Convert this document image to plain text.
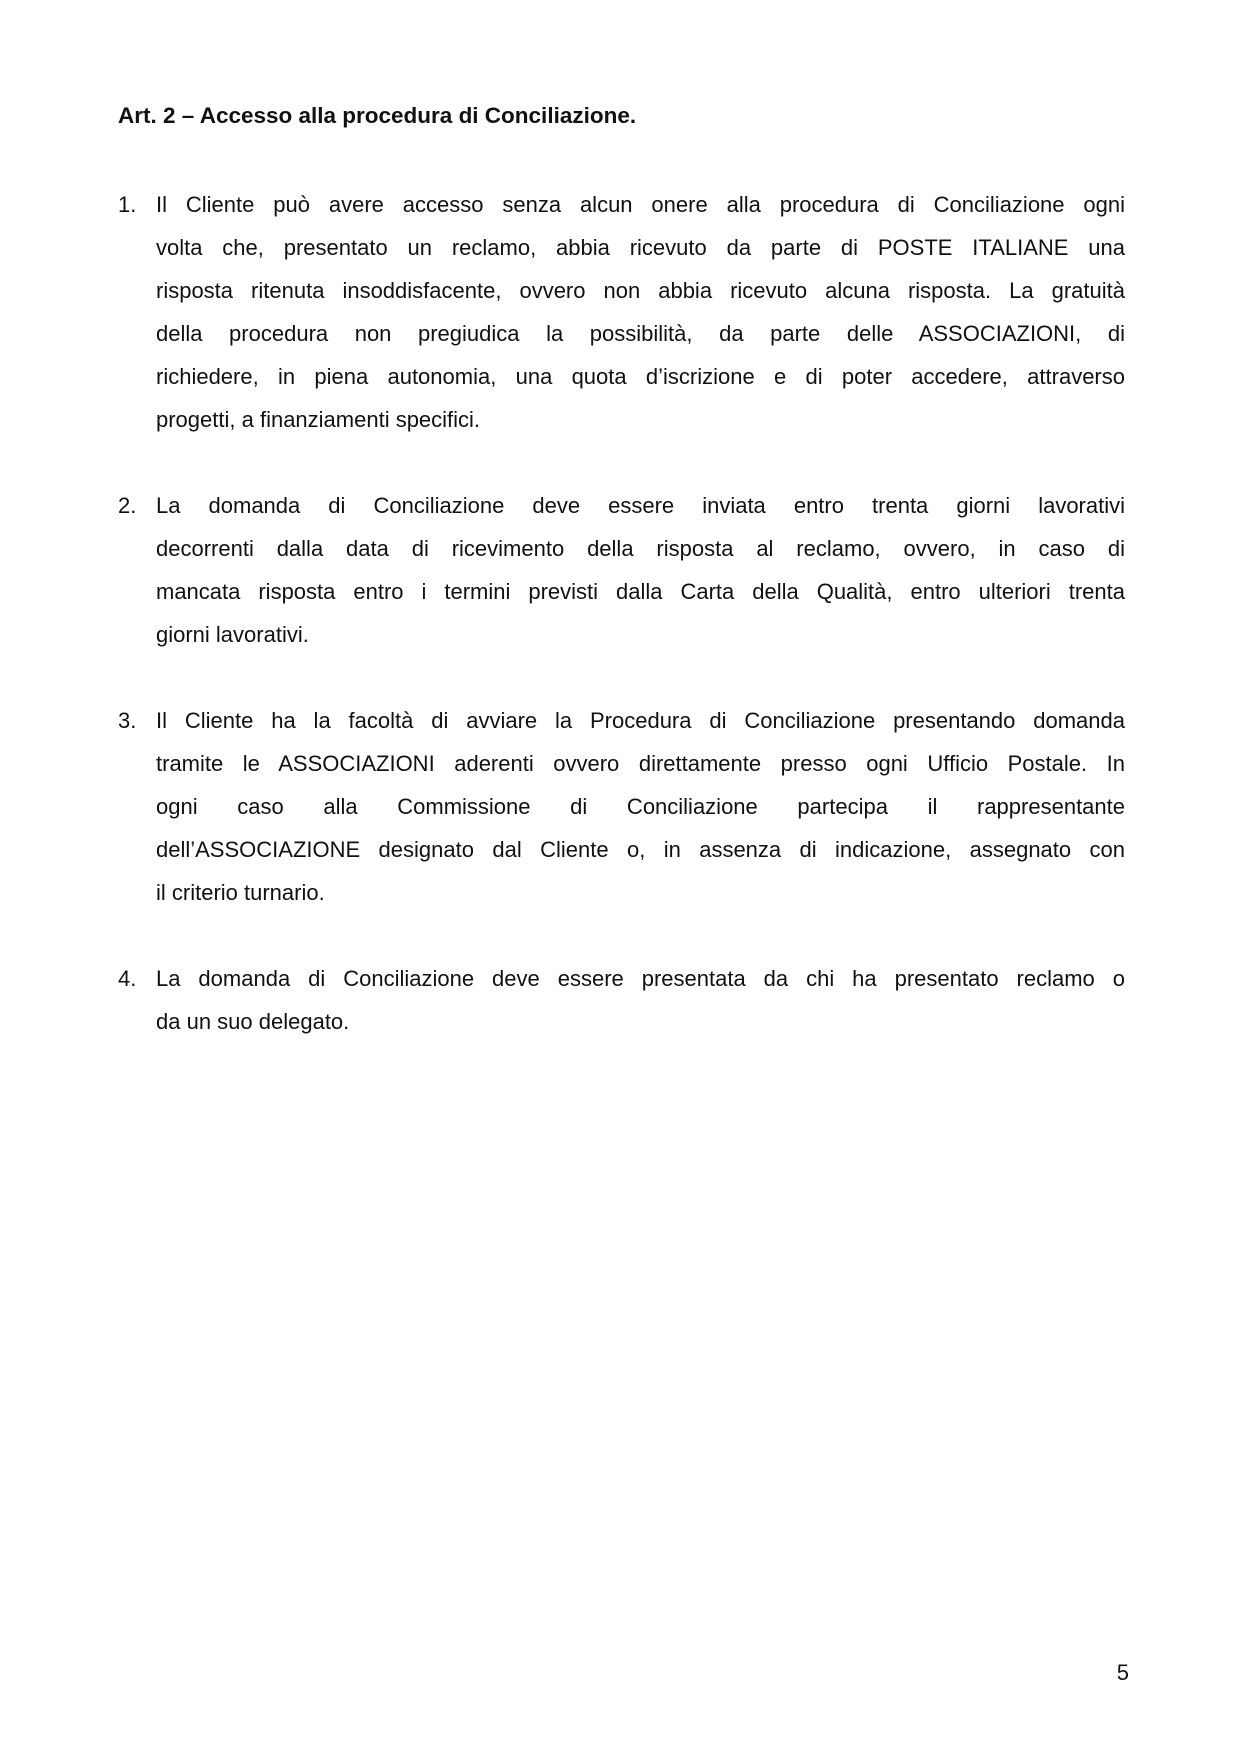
Art. 2 – Accesso alla procedura di Conciliazione.
1. Il Cliente può avere accesso senza alcun onere alla procedura di Conciliazione ogni
volta che, presentato un reclamo, abbia ricevuto da parte di POSTE ITALIANE una
risposta ritenuta insoddisfacente, ovvero non abbia ricevuto alcuna risposta. La gratuità
della procedura non pregiudica la possibilità, da parte delle ASSOCIAZIONI, di
richiedere, in piena autonomia, una quota d’iscrizione e di poter accedere, attraverso
progetti, a finanziamenti specifici.
2. La domanda di Conciliazione deve essere inviata entro trenta giorni lavorativi
decorrenti dalla data di ricevimento della risposta al reclamo, ovvero, in caso di
mancata risposta entro i termini previsti dalla Carta della Qualità, entro ulteriori trenta
giorni lavorativi.
3. Il Cliente ha la facoltà di avviare la Procedura di Conciliazione presentando domanda
tramite le ASSOCIAZIONI aderenti ovvero direttamente presso ogni Ufficio Postale. In
ogni caso alla Commissione di Conciliazione partecipa il rappresentante
dell’ASSOCIAZIONE designato dal Cliente o, in assenza di indicazione, assegnato con
il criterio turnario.
4. La domanda di Conciliazione deve essere presentata da chi ha presentato reclamo o
da un suo delegato.
5
